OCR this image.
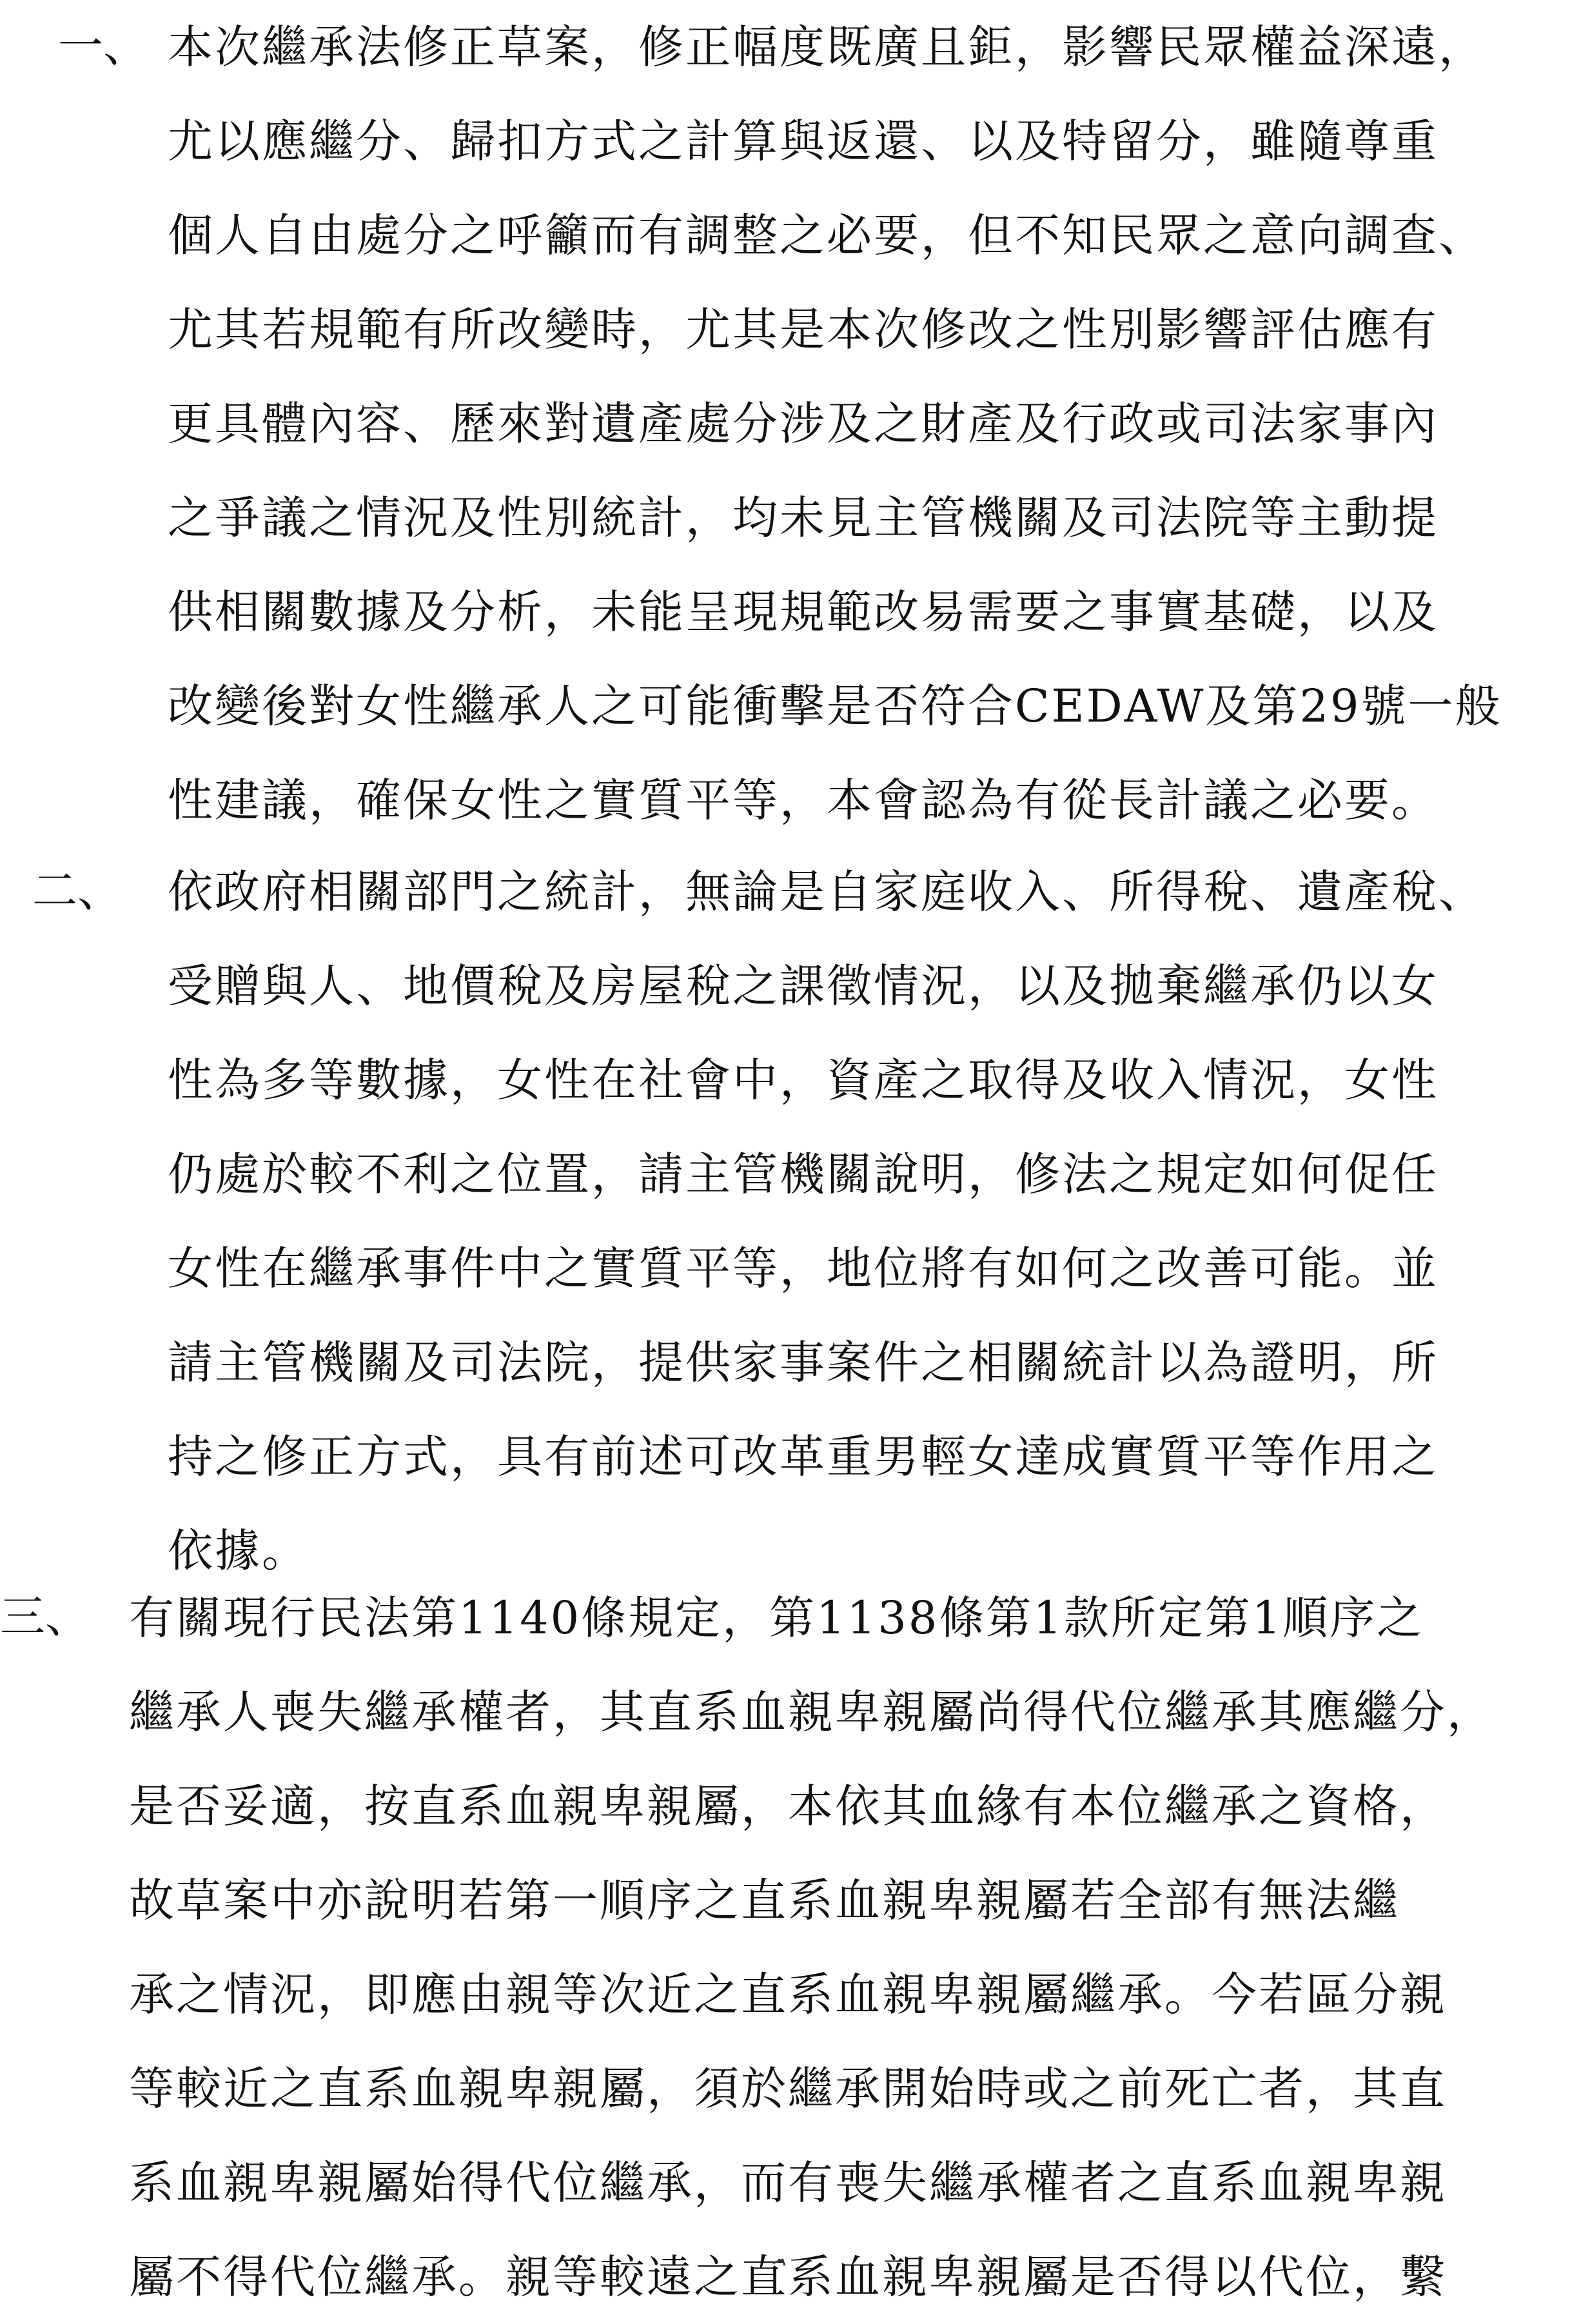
一、 本次繼承法修正草案，修正幅度既廣且鉅，影響民眾權益深遠，
尤以應繼分、歸扣方式之計算與返還、以及特留分，雖隨尊重
個人自由處分之呼籲而有調整之必要，但不知民眾之意向調查、
尤其若規範有所改變時，尤其是本次修改之性別影響評估應有
更具體內容、歷來對遺產處分涉及之財產及行政或司法家事內
之爭議之情況及性別統計，均未見主管機關及司法院等主動提
供相關數據及分析，未能呈現規範改易需要之事實基礎，以及
改變後對女性繼承人之可能衝擊是否符合CEDAW及第29號一般
性建議，確保女性之實質平等，本會認為有從長計議之必要。
二、 依政府相關部門之統計，無論是自家庭收入、所得稅、遺產稅、
受贈與人、地價稅及房屋稅之課徵情況，以及拋棄繼承仍以女
性為多等數據，女性在社會中，資產之取得及收入情況，女性
仍處於較不利之位置，請主管機關說明，修法之規定如何促任
女性在繼承事件中之實質平等，地位將有如何之改善可能。並
請主管機關及司法院，提供家事案件之相關統計以為證明，所
持之修正方式，具有前述可改革重男輕女達成實質平等作用之
依據。
三、 有關現行民法第1140條規定，第1138條第1款所定第1順序之
繼承人喪失繼承權者，其直系血親卑親屬尚得代位繼承其應繼分，
是否妥適，按直系血親卑親屬，本依其血緣有本位繼承之資格，
故草案中亦說明若第一順序之直系血親卑親屬若全部有無法繼
承之情況，即應由親等次近之直系血親卑親屬繼承。今若區分親
等較近之直系血親卑親屬，須於繼承開始時或之前死亡者，其直
系血親卑親屬始得代位繼承，而有喪失繼承權者之直系血親卑親
屬不得代位繼承。親等較遠之直系血親卑親屬是否得以代位，繫
